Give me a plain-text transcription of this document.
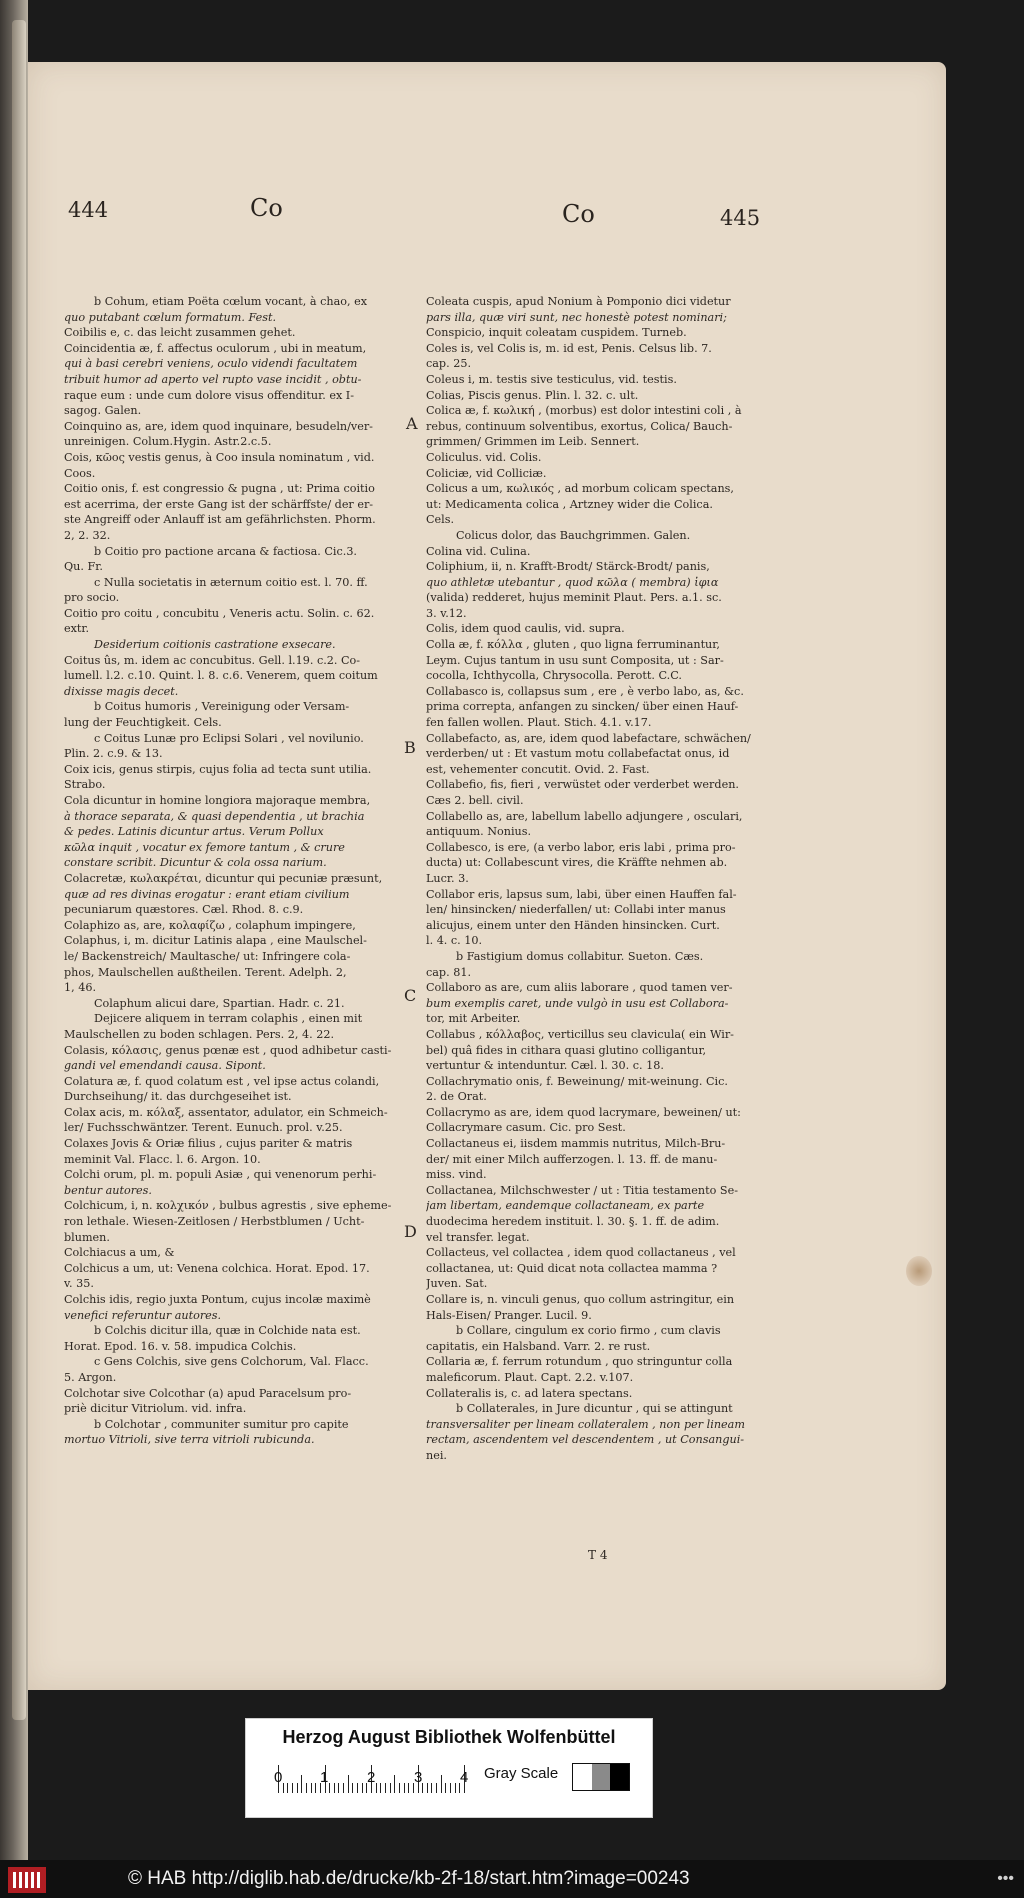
444	Co	Co	445
b Cohum, etiam Poëta cœlum vocant, à chao, ex
quo putabant cœlum formatum. Fest.
Coibilis e, c. das leicht zusammen gehet.
Coincidentia æ, f. affectus oculorum , ubi in meatum,
qui à basi cerebri veniens, oculo videndi facultatem
tribuit humor ad aperto vel rupto vase incidit , obtu-
raque eum : unde cum dolore visus offenditur. ex I-
sagog. Galen.
Coinquino as, are, idem quod inquinare, besudeln/ver-
unreinigen. Colum.Hygin. Astr.2.c.5.
Cois, κῶος vestis genus, à Coo insula nominatum , vid.
Coos.
Coitio onis, f. est congressio & pugna , ut: Prima coitio
est acerrima, der erste Gang ist der schärffste/ der er-
ste Angreiff oder Anlauff ist am gefährlichsten. Phorm.
2, 2. 32.
b Coitio pro pactione arcana & factiosa. Cic.3.
Qu. Fr.
c Nulla societatis in æternum coitio est. l. 70. ff.
pro socio.
Coitio pro coitu , concubitu , Veneris actu. Solin. c. 62.
extr.
Desiderium coitionis castratione exsecare.
Coitus ûs, m. idem ac concubitus. Gell. l.19. c.2. Co-
lumell. l.2. c.10. Quint. l. 8. c.6. Venerem, quem coitum
dixisse magis decet.
b Coitus humoris , Vereinigung oder Versam-
lung der Feuchtigkeit. Cels.
c Coitus Lunæ pro Eclipsi Solari , vel novilunio.
Plin. 2. c.9. & 13.
Coix icis, genus stirpis, cujus folia ad tecta sunt utilia.
Strabo.
Cola dicuntur in homine longiora majoraque membra,
à thorace separata, & quasi dependentia , ut brachia
& pedes. Latinis dicuntur artus. Verum Pollux
κῶλα inquit , vocatur ex femore tantum , & crure
constare scribit. Dicuntur & cola ossa narium.
Colacretæ, κωλακρέται, dicuntur qui pecuniæ præsunt,
quæ ad res divinas erogatur : erant etiam civilium
pecuniarum quæstores. Cæl. Rhod. 8. c.9.
Colaphizo as, are, κολαφίζω , colaphum impingere,
Colaphus, i, m. dicitur Latinis alapa , eine Maulschel-
le/ Backenstreich/ Maultasche/ ut: Infringere cola-
phos, Maulschellen außtheilen. Terent. Adelph. 2,
1, 46.
Colaphum alicui dare, Spartian. Hadr. c. 21.
Dejicere aliquem in terram colaphis , einen mit
Maulschellen zu boden schlagen. Pers. 2, 4. 22.
Colasis, κόλασις, genus pœnæ est , quod adhibetur casti-
gandi vel emendandi causa. Sipont.
Colatura æ, f. quod colatum est , vel ipse actus colandi,
Durchseihung/ it. das durchgeseihet ist.
Colax acis, m. κόλαξ, assentator, adulator, ein Schmeich-
ler/ Fuchsschwäntzer. Terent. Eunuch. prol. v.25.
Colaxes Jovis & Oriæ filius , cujus pariter & matris
meminit Val. Flacc. l. 6. Argon. 10.
Colchi orum, pl. m. populi Asiæ , qui venenorum perhi-
bentur autores.
Colchicum, i, n. κολχικόν , bulbus agrestis , sive epheme-
ron lethale. Wiesen-Zeitlosen / Herbstblumen / Ucht-
blumen.
Colchiacus a um, &
Colchicus a um, ut: Venena colchica. Horat. Epod. 17.
v. 35.
Colchis idis, regio juxta Pontum, cujus incolæ maximè
venefici referuntur autores.
b Colchis dicitur illa, quæ in Colchide nata est.
Horat. Epod. 16. v. 58. impudica Colchis.
c Gens Colchis, sive gens Colchorum, Val. Flacc.
5. Argon.
Colchotar sive Colcothar (a) apud Paracelsum pro-
priè dicitur Vitriolum. vid. infra.
b Colchotar , communiter sumitur pro capite
mortuo Vitrioli, sive terra vitrioli rubicunda.
Coleata cuspis, apud Nonium à Pomponio dici videtur
pars illa, quæ viri sunt, nec honestè potest nominari;
Conspicio, inquit coleatam cuspidem. Turneb.
Coles is, vel Colis is, m. id est, Penis. Celsus lib. 7.
cap. 25.
Coleus i, m. testis sive testiculus, vid. testis.
Colias, Piscis genus. Plin. l. 32. c. ult.
Colica æ, f. κωλική , (morbus) est dolor intestini coli , à
rebus, continuum solventibus, exortus, Colica/ Bauch-
grimmen/ Grimmen im Leib. Sennert.
Coliculus. vid. Colis.
Coliciæ, vid Colliciæ.
Colicus a um, κωλικός , ad morbum colicam spectans,
ut: Medicamenta colica , Artzney wider die Colica.
Cels.
Colicus dolor, das Bauchgrimmen. Galen.
Colina vid. Culina.
Coliphium, ii, n. Krafft-Brodt/ Stärck-Brodt/ panis,
quo athletæ utebantur , quod κῶλα ( membra) ἰφια
(valida) redderet, hujus meminit Plaut. Pers. a.1. sc.
3. v.12.
Colis, idem quod caulis, vid. supra.
Colla æ, f. κόλλα , gluten , quo ligna ferruminantur,
Leym. Cujus tantum in usu sunt Composita, ut : Sar-
cocolla, Ichthycolla, Chrysocolla. Perott. C.C.
Collabasco is, collapsus sum , ere , è verbo labo, as, &c.
prima correpta, anfangen zu sincken/ über einen Hauf-
fen fallen wollen. Plaut. Stich. 4.1. v.17.
Collabefacto, as, are, idem quod labefactare, schwächen/
verderben/ ut : Et vastum motu collabefactat onus, id
est, vehementer concutit. Ovid. 2. Fast.
Collabefio, fis, fieri , verwüstet oder verderbet werden.
Cæs 2. bell. civil.
Collabello as, are, labellum labello adjungere , osculari,
antiquum. Nonius.
Collabesco, is ere, (a verbo labor, eris labi , prima pro-
ducta) ut: Collabescunt vires, die Kräffte nehmen ab.
Lucr. 3.
Collabor eris, lapsus sum, labi, über einen Hauffen fal-
len/ hinsincken/ niederfallen/ ut: Collabi inter manus
alicujus, einem unter den Händen hinsincken. Curt.
l. 4. c. 10.
b Fastigium domus collabitur. Sueton. Cæs.
cap. 81.
Collaboro as are, cum aliis laborare , quod tamen ver-
bum exemplis caret, unde vulgò in usu est Collabora-
tor, mit Arbeiter.
Collabus , κόλλαβος, verticillus seu clavicula( ein Wir-
bel) quâ fides in cithara quasi glutino colligantur,
vertuntur & intenduntur. Cæl. l. 30. c. 18.
Collachrymatio onis, f. Beweinung/ mit-weinung. Cic.
2. de Orat.
Collacrymo as are, idem quod lacrymare, beweinen/ ut:
Collacrymare casum. Cic. pro Sest.
Collactaneus ei, iisdem mammis nutritus, Milch-Bru-
der/ mit einer Milch aufferzogen. l. 13. ff. de manu-
miss. vind.
Collactanea, Milchschwester / ut : Titia testamento Se-
jam libertam, eandemque collactaneam, ex parte
duodecima heredem instituit. l. 30. §. 1. ff. de adim.
vel transfer. legat.
Collacteus, vel collactea , idem quod collactaneus , vel
collactanea, ut: Quid dicat nota collactea mamma ?
Juven. Sat.
Collare is, n. vinculi genus, quo collum astringitur, ein
Hals-Eisen/ Pranger. Lucil. 9.
b Collare, cingulum ex corio firmo , cum clavis
capitatis, ein Halsband. Varr. 2. re rust.
Collaria æ, f. ferrum rotundum , quo stringuntur colla
maleficorum. Plaut. Capt. 2.2. v.107.
Collateralis is, c. ad latera spectans.
b Collaterales, in Jure dicuntur , qui se attingunt
transversaliter per lineam collateralem , non per lineam
rectam, ascendentem vel descendentem , ut Consangui-
nei.
A
B
C
D
T 4
Herzog August Bibliothek Wolfenbüttel
0	1	2	3	4 Gray Scale
© HAB http://diglib.hab.de/drucke/kb-2f-18/start.htm?image=00243	•••
